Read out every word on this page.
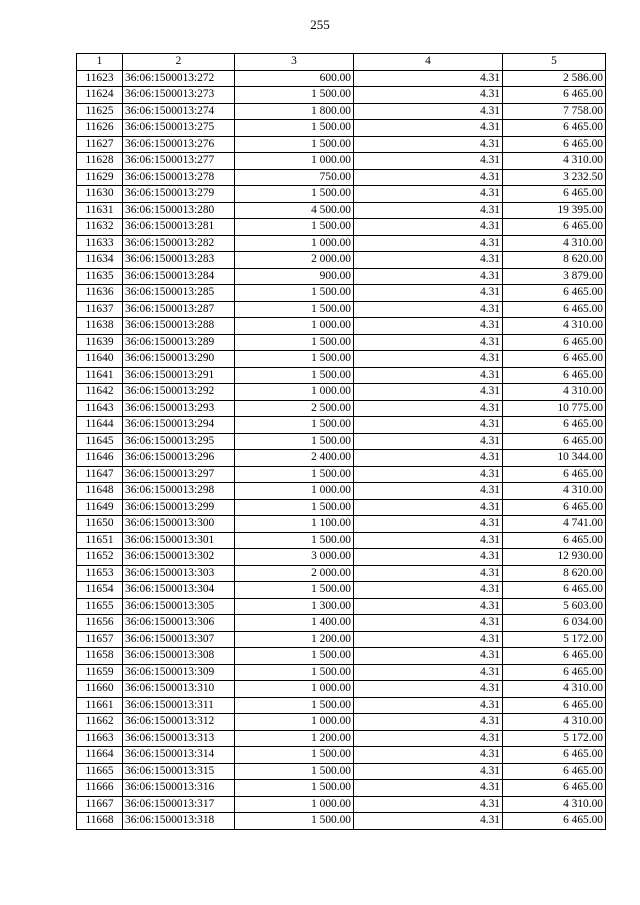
255
1	2	3	4	5
11623	36:06:1500013:272	600.00	4.31	2 586.00
11624	36:06:1500013:273	1 500.00	4.31	6 465.00
11625	36:06:1500013:274	1 800.00	4.31	7 758.00
11626	36:06:1500013:275	1 500.00	4.31	6 465.00
11627	36:06:1500013:276	1 500.00	4.31	6 465.00
11628	36:06:1500013:277	1 000.00	4.31	4 310.00
11629	36:06:1500013:278	750.00	4.31	3 232.50
11630	36:06:1500013:279	1 500.00	4.31	6 465.00
11631	36:06:1500013:280	4 500.00	4.31	19 395.00
11632	36:06:1500013:281	1 500.00	4.31	6 465.00
11633	36:06:1500013:282	1 000.00	4.31	4 310.00
11634	36:06:1500013:283	2 000.00	4.31	8 620.00
11635	36:06:1500013:284	900.00	4.31	3 879.00
11636	36:06:1500013:285	1 500.00	4.31	6 465.00
11637	36:06:1500013:287	1 500.00	4.31	6 465.00
11638	36:06:1500013:288	1 000.00	4.31	4 310.00
11639	36:06:1500013:289	1 500.00	4.31	6 465.00
11640	36:06:1500013:290	1 500.00	4.31	6 465.00
11641	36:06:1500013:291	1 500.00	4.31	6 465.00
11642	36:06:1500013:292	1 000.00	4.31	4 310.00
11643	36:06:1500013:293	2 500.00	4.31	10 775.00
11644	36:06:1500013:294	1 500.00	4.31	6 465.00
11645	36:06:1500013:295	1 500.00	4.31	6 465.00
11646	36:06:1500013:296	2 400.00	4.31	10 344.00
11647	36:06:1500013:297	1 500.00	4.31	6 465.00
11648	36:06:1500013:298	1 000.00	4.31	4 310.00
11649	36:06:1500013:299	1 500.00	4.31	6 465.00
11650	36:06:1500013:300	1 100.00	4.31	4 741.00
11651	36:06:1500013:301	1 500.00	4.31	6 465.00
11652	36:06:1500013:302	3 000.00	4.31	12 930.00
11653	36:06:1500013:303	2 000.00	4.31	8 620.00
11654	36:06:1500013:304	1 500.00	4.31	6 465.00
11655	36:06:1500013:305	1 300.00	4.31	5 603.00
11656	36:06:1500013:306	1 400.00	4.31	6 034.00
11657	36:06:1500013:307	1 200.00	4.31	5 172.00
11658	36:06:1500013:308	1 500.00	4.31	6 465.00
11659	36:06:1500013:309	1 500.00	4.31	6 465.00
11660	36:06:1500013:310	1 000.00	4.31	4 310.00
11661	36:06:1500013:311	1 500.00	4.31	6 465.00
11662	36:06:1500013:312	1 000.00	4.31	4 310.00
11663	36:06:1500013:313	1 200.00	4.31	5 172.00
11664	36:06:1500013:314	1 500.00	4.31	6 465.00
11665	36:06:1500013:315	1 500.00	4.31	6 465.00
11666	36:06:1500013:316	1 500.00	4.31	6 465.00
11667	36:06:1500013:317	1 000.00	4.31	4 310.00
11668	36:06:1500013:318	1 500.00	4.31	6 465.00
